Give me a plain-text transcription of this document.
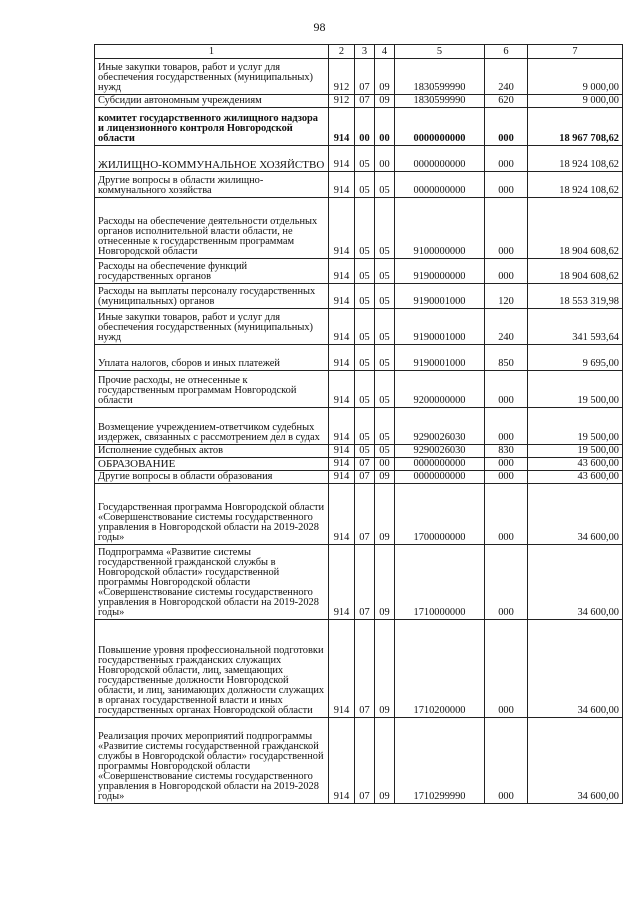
98
1	2	3	4	5	6	7
Иные закупки товаров, работ и услуг для обеспечения государственных (муниципальных) нужд	912	07	09	1830599990	240	9 000,00
Субсидии автономным учреждениям	912	07	09	1830599990	620	9 000,00
комитет государственного жилищного надзора и лицензионного контроля Новгородской области	914	00	00	0000000000	000	18 967 708,62
ЖИЛИЩНО-КОММУНАЛЬНОЕ ХОЗЯЙСТВО	914	05	00	0000000000	000	18 924 108,62
Другие вопросы в области жилищно-коммунального хозяйства	914	05	05	0000000000	000	18 924 108,62
Расходы на обеспечение деятельности отдельных органов исполнительной власти области, не отнесенные к государственным программам Новгородской области	914	05	05	9100000000	000	18 904 608,62
Расходы на обеспечение функций государственных органов	914	05	05	9190000000	000	18 904 608,62
Расходы на выплаты персоналу государственных (муниципальных) органов	914	05	05	9190001000	120	18 553 319,98
Иные закупки товаров, работ и услуг для обеспечения государственных (муниципальных) нужд	914	05	05	9190001000	240	341 593,64
Уплата налогов, сборов и иных платежей	914	05	05	9190001000	850	9 695,00
Прочие расходы, не отнесенные к государственным программам Новгородской области	914	05	05	9200000000	000	19 500,00
Возмещение учреждением-ответчиком судебных издержек, связанных с рассмотрением дел в судах	914	05	05	9290026030	000	19 500,00
Исполнение судебных актов	914	05	05	9290026030	830	19 500,00
ОБРАЗОВАНИЕ	914	07	00	0000000000	000	43 600,00
Другие вопросы в области образования	914	07	09	0000000000	000	43 600,00
Государственная программа Новгородской области «Совершенствование системы государственного управления в Новгородской области на 2019-2028 годы»	914	07	09	1700000000	000	34 600,00
Подпрограмма «Развитие системы государственной гражданской службы в Новгородской области» государственной программы Новгородской области «Совершенствование системы государственного управления в Новгородской области на 2019-2028 годы»	914	07	09	1710000000	000	34 600,00
Повышение уровня профессиональной подготовки государственных гражданских служащих Новгородской области, лиц, замещающих государственные должности Новгородской области, и лиц, занимающих должности служащих в органах государственной власти и иных государственных органах Новгородской области	914	07	09	1710200000	000	34 600,00
Реализация прочих мероприятий подпрограммы «Развитие системы государственной гражданской службы в Новгородской области» государственной программы Новгородской области «Совершенствование системы государственного управления в Новгородской области на 2019-2028 годы»	914	07	09	1710299990	000	34 600,00
